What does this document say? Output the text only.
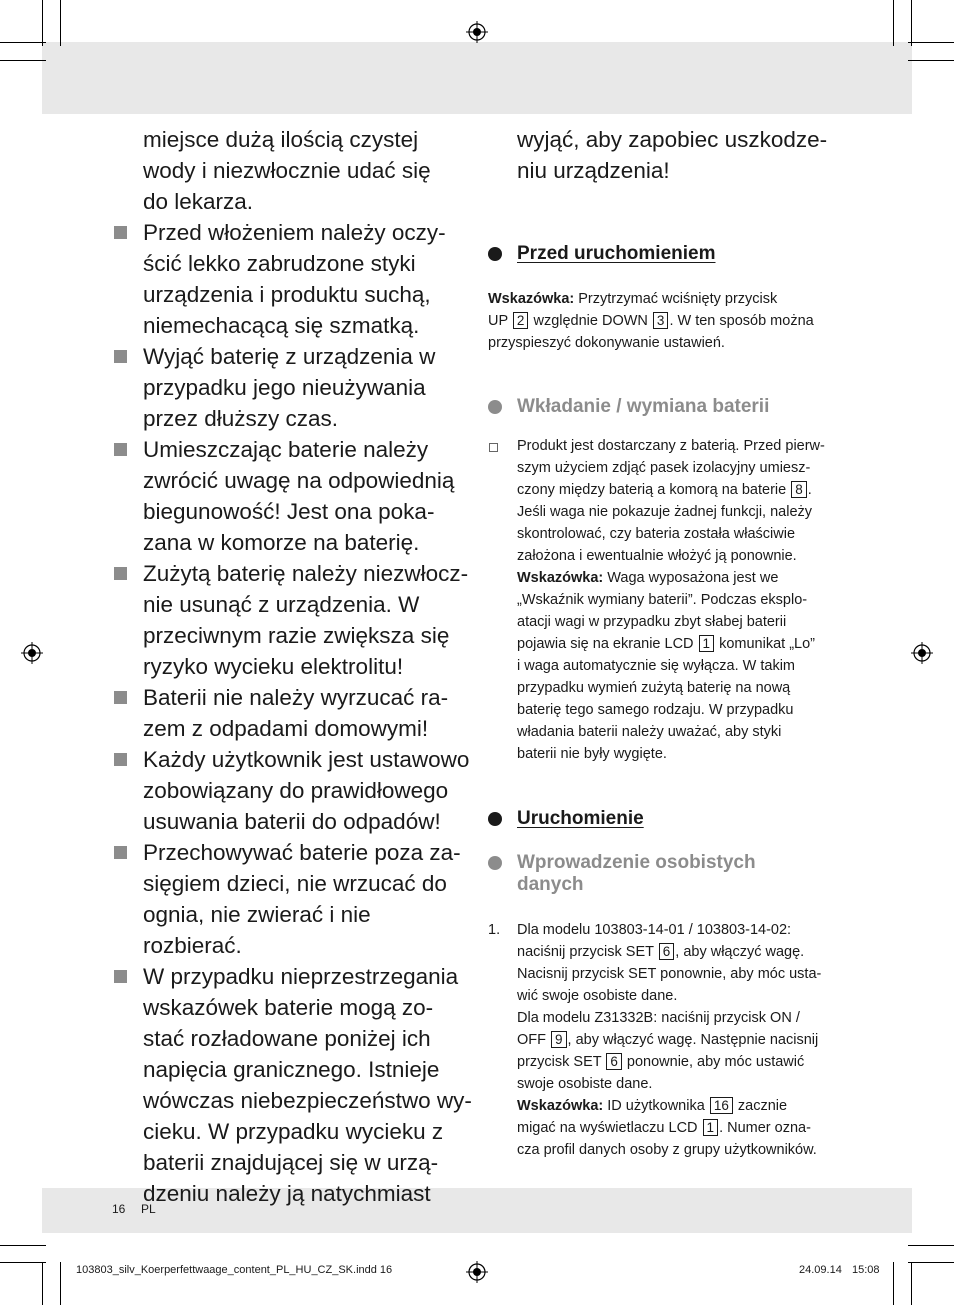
miejsce dużą ilością czystej
wody i niezwłocznie udać się
do lekarza.
Przed włożeniem należy oczy-
ścić lekko zabrudzone styki
urządzenia i produktu suchą,
niemechacącą się szmatką.
Wyjąć baterię z urządzenia w
przypadku jego nieużywania
przez dłuższy czas.
Umieszczając baterie należy
zwrócić uwagę na odpowiednią
biegunowość! Jest ona poka-
zana w komorze na baterię.
Zużytą baterię należy niezwłocz-
nie usunąć z urządzenia. W
przeciwnym razie zwiększa się
ryzyko wycieku elektrolitu!
Baterii nie należy wyrzucać ra-
zem z odpadami domowymi!
Każdy użytkownik jest ustawowo
zobowiązany do prawidłowego
usuwania baterii do odpadów!
Przechowywać baterie poza za-
sięgiem dzieci, nie wrzucać do
ognia, nie zwierać i nie rozbierać.
W przypadku nieprzestrzegania
wskazówek baterie mogą zo-
stać rozładowane poniżej ich
napięcia granicznego. Istnieje
wówczas niebezpieczeństwo wy-
cieku. W przypadku wycieku z
baterii znajdującej się w urzą-
dzeniu należy ją natychmiast

wyjąć, aby zapobiec uszkodze-
niu urządzenia!

Przed uruchomieniem
Wskazówka: Przytrzymać wciśnięty przycisk
UP 2 względnie DOWN 3 . W ten sposób można
przyspieszyć dokonywanie ustawień.
Wkładanie / wymiana baterii
Produkt jest dostarczany z baterią. Przed pierw-
szym użyciem zdjąć pasek izolacyjny umiesz-
czony między baterią a komorą na baterie 8 .
Jeśli waga nie pokazuje żadnej funkcji, należy
skontrolować, czy bateria została właściwie
założona i ewentualnie włożyć ją ponownie.
Wskazówka: Waga wyposażona jest we
„Wskaźnik wymiany baterii”. Podczas eksplo-
atacji wagi w przypadku zbyt słabej baterii
pojawia się na ekranie LCD 1 komunikat „Lo”
i waga automatycznie się wyłącza. W takim
przypadku wymień zużytą baterię na nową
baterię tego samego rodzaju. W przypadku
władania baterii należy uważać, aby styki
baterii nie były wygięte.
Uruchomienie
Wprowadzenie osobistych
danych
1. Dla modelu 103803-14-01 / 103803-14-02:
naciśnij przycisk SET 6 , aby włączyć wagę.
Nacisnij przycisk SET ponownie, aby móc usta-
wić swoje osobiste dane.
Dla modelu Z31332B: naciśnij przycisk ON /
OFF 9 , aby włączyć wagę. Następnie nacisnij
przycisk SET 6 ponownie, aby móc ustawić
swoje osobiste dane.
Wskazówka: ID użytkownika 16 zacznie
migać na wyświetlaczu LCD 1 . Numer ozna-
cza profil danych osoby z grupy użytkowników.
16 PL
103803_silv_Koerperfettwaage_content_PL_HU_CZ_SK.indd 16	24.09.14 15:08
